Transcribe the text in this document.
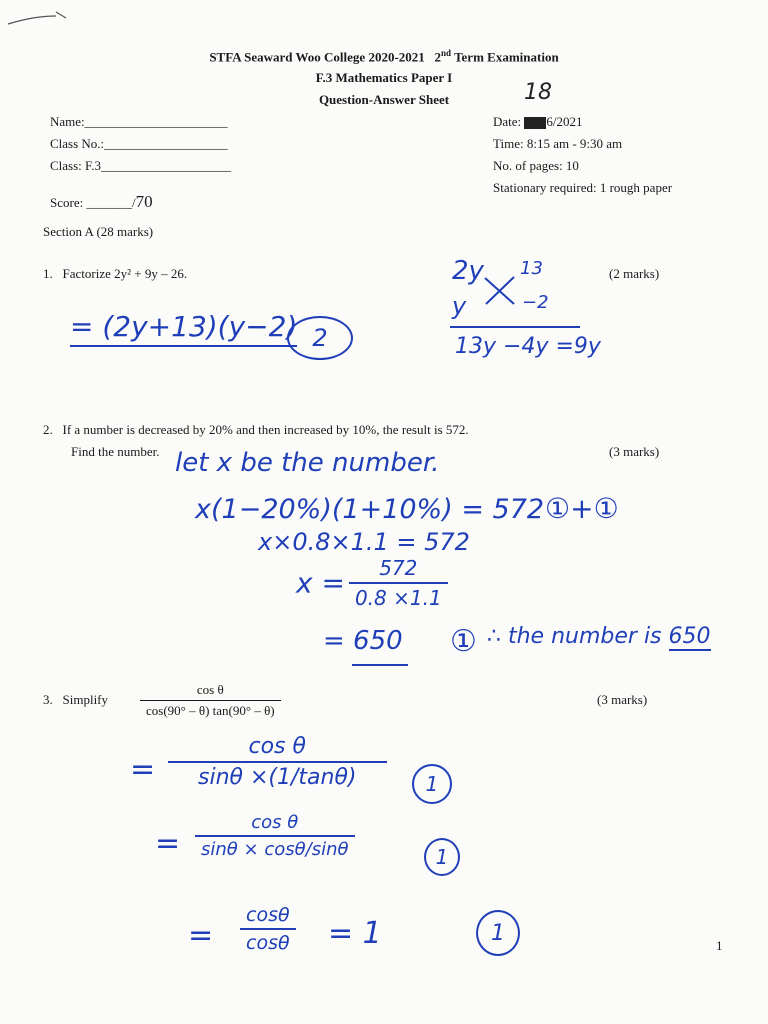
STFA Seaward Woo College 2020-2021 2nd Term Examination
F.3 Mathematics Paper I
Question-Answer Sheet
Name:______________________
Class No.:___________________
Class: F.3____________________
Score: _______/70
Date: 6/2021
18
Time: 8:15 am - 9:30 am
No. of pages: 10
Stationary required: 1 rough paper
Section A (28 marks)
1. Factorize 2y² + 9y – 26.	(2 marks)
= (2y+13)(y−2) 2
2y 13
y	−2
13y −4y =9y
2. If a number is decreased by 20% and then increased by 10%, the result is 572.
Find the number.	(3 marks)
let x be the number.
x(1−20%)(1+10%) = 572 ①+①
x×0.8×1.1 = 572
$x = \frac{572}{0.8 \times 1.1}$
= 650 ① ∴ the number is 650
3. Simplify $\frac{\text{cos θ}}{\cos(90^\circ - \theta) \tan(90^\circ - \theta)}$	(3 marks)
= $\frac{\text{cos θ}}{\sin\theta \times(1/\tan\theta)}$	1
= $\frac{\text{cos θ}}{\sin\theta \times \cos\theta/\sin\theta}$	1
= $\frac{\cos\theta}{\cos\theta} = 1$	1	1
